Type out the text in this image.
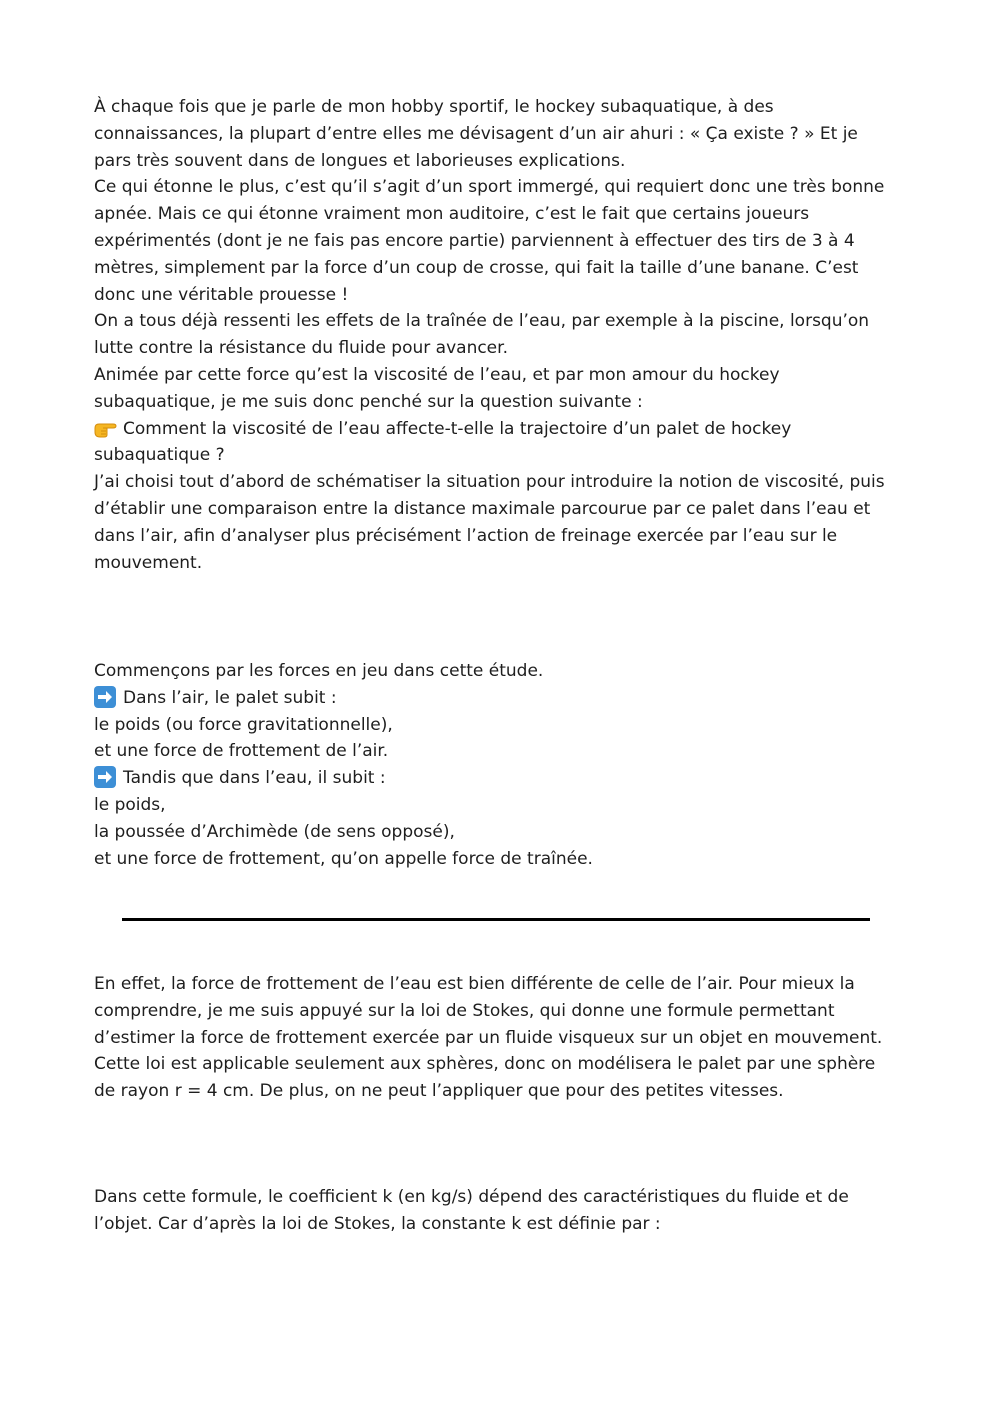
À chaque fois que je parle de mon hobby sportif, le hockey subaquatique, à des
connaissances, la plupart d’entre elles me dévisagent d’un air ahuri : « Ça existe ? » Et je
pars très souvent dans de longues et laborieuses explications.
Ce qui étonne le plus, c’est qu’il s’agit d’un sport immergé, qui requiert donc une très bonne
apnée. Mais ce qui étonne vraiment mon auditoire, c’est le fait que certains joueurs
expérimentés (dont je ne fais pas encore partie) parviennent à effectuer des tirs de 3 à 4
mètres, simplement par la force d’un coup de crosse, qui fait la taille d’une banane. C’est
donc une véritable prouesse !
On a tous déjà ressenti les effets de la traînée de l’eau, par exemple à la piscine, lorsqu’on
lutte contre la résistance du fluide pour avancer.
Animée par cette force qu’est la viscosité de l’eau, et par mon amour du hockey
subaquatique, je me suis donc penché sur la question suivante :
Comment la viscosité de l’eau affecte-t-elle la trajectoire d’un palet de hockey
subaquatique ?
J’ai choisi tout d’abord de schématiser la situation pour introduire la notion de viscosité, puis
d’établir une comparaison entre la distance maximale parcourue par ce palet dans l’eau et
dans l’air, afin d’analyser plus précisément l’action de freinage exercée par l’eau sur le
mouvement.
Commençons par les forces en jeu dans cette étude.
Dans l’air, le palet subit :
le poids (ou force gravitationnelle),
et une force de frottement de l’air.
Tandis que dans l’eau, il subit :
le poids,
la poussée d’Archimède (de sens opposé),
et une force de frottement, qu’on appelle force de traînée.
En effet, la force de frottement de l’eau est bien différente de celle de l’air. Pour mieux la
comprendre, je me suis appuyé sur la loi de Stokes, qui donne une formule permettant
d’estimer la force de frottement exercée par un fluide visqueux sur un objet en mouvement.
Cette loi est applicable seulement aux sphères, donc on modélisera le palet par une sphère
de rayon r = 4 cm. De plus, on ne peut l’appliquer que pour des petites vitesses.
Dans cette formule, le coefficient k (en kg/s) dépend des caractéristiques du fluide et de
l’objet. Car d’après la loi de Stokes, la constante k est définie par :
